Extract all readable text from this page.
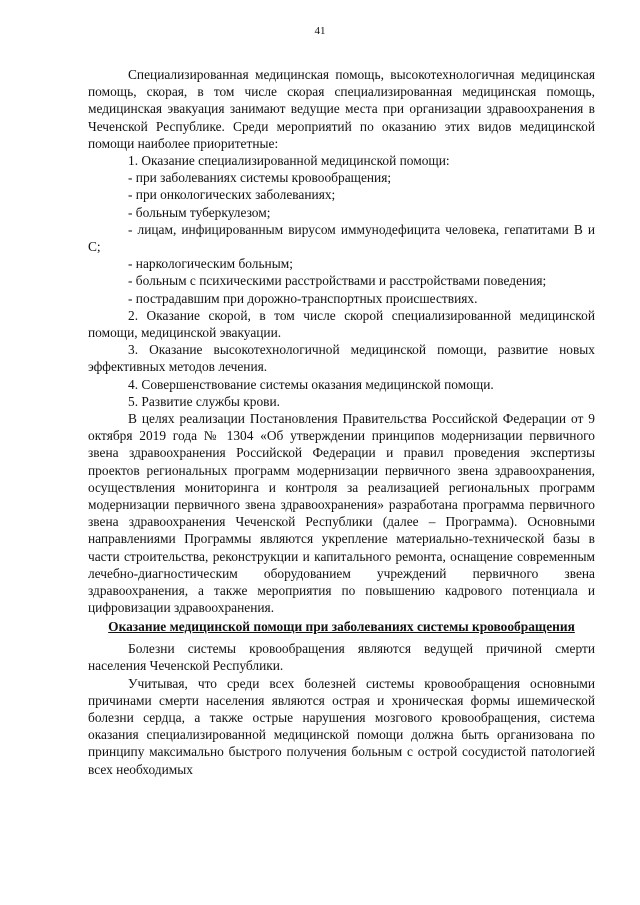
41

Специализированная медицинская помощь, высокотехнологичная медицинская помощь, скорая, в том числе скорая специализированная медицинская помощь, медицинская эвакуация занимают ведущие места при организации здравоохранения в Чеченской Республике. Среди мероприятий по оказанию этих видов медицинской помощи наиболее приоритетные:

1. Оказание специализированной медицинской помощи:

- при заболеваниях системы кровообращения;

- при онкологических заболеваниях;

- больным туберкулезом;

- лицам, инфицированным вирусом иммунодефицита человека, гепатитами В и С;

- наркологическим больным;

- больным с психическими расстройствами и расстройствами поведения;

- пострадавшим при дорожно-транспортных происшествиях.

2. Оказание скорой, в том числе скорой специализированной медицинской помощи, медицинской эвакуации.

3. Оказание высокотехнологичной медицинской помощи, развитие новых эффективных методов лечения.

4. Совершенствование системы оказания медицинской помощи.

5. Развитие службы крови.

В целях реализации Постановления Правительства Российской Федерации от 9 октября 2019 года № 1304 «Об утверждении принципов модернизации первичного звена здравоохранения Российской Федерации и правил проведения экспертизы проектов региональных программ модернизации первичного звена здравоохранения, осуществления мониторинга и контроля за реализацией региональных программ модернизации первичного звена здравоохранения» разработана программа первичного звена здравоохранения Чеченской Республики (далее – Программа). Основными направлениями Программы являются укрепление материально-технической базы в части строительства, реконструкции и капитального ремонта, оснащение современным лечебно-диагностическим оборудованием учреждений первичного звена здравоохранения, а также мероприятия по повышению кадрового потенциала и цифровизации здравоохранения.

Оказание медицинской помощи при заболеваниях системы кровообращения

Болезни системы кровообращения являются ведущей причиной смерти населения Чеченской Республики.

Учитывая, что среди всех болезней системы кровообращения основными причинами смерти населения являются острая и хроническая формы ишемической болезни сердца, а также острые нарушения мозгового кровообращения, система оказания специализированной медицинской помощи должна быть организована по принципу максимально быстрого получения больным с острой сосудистой патологией всех необходимых
